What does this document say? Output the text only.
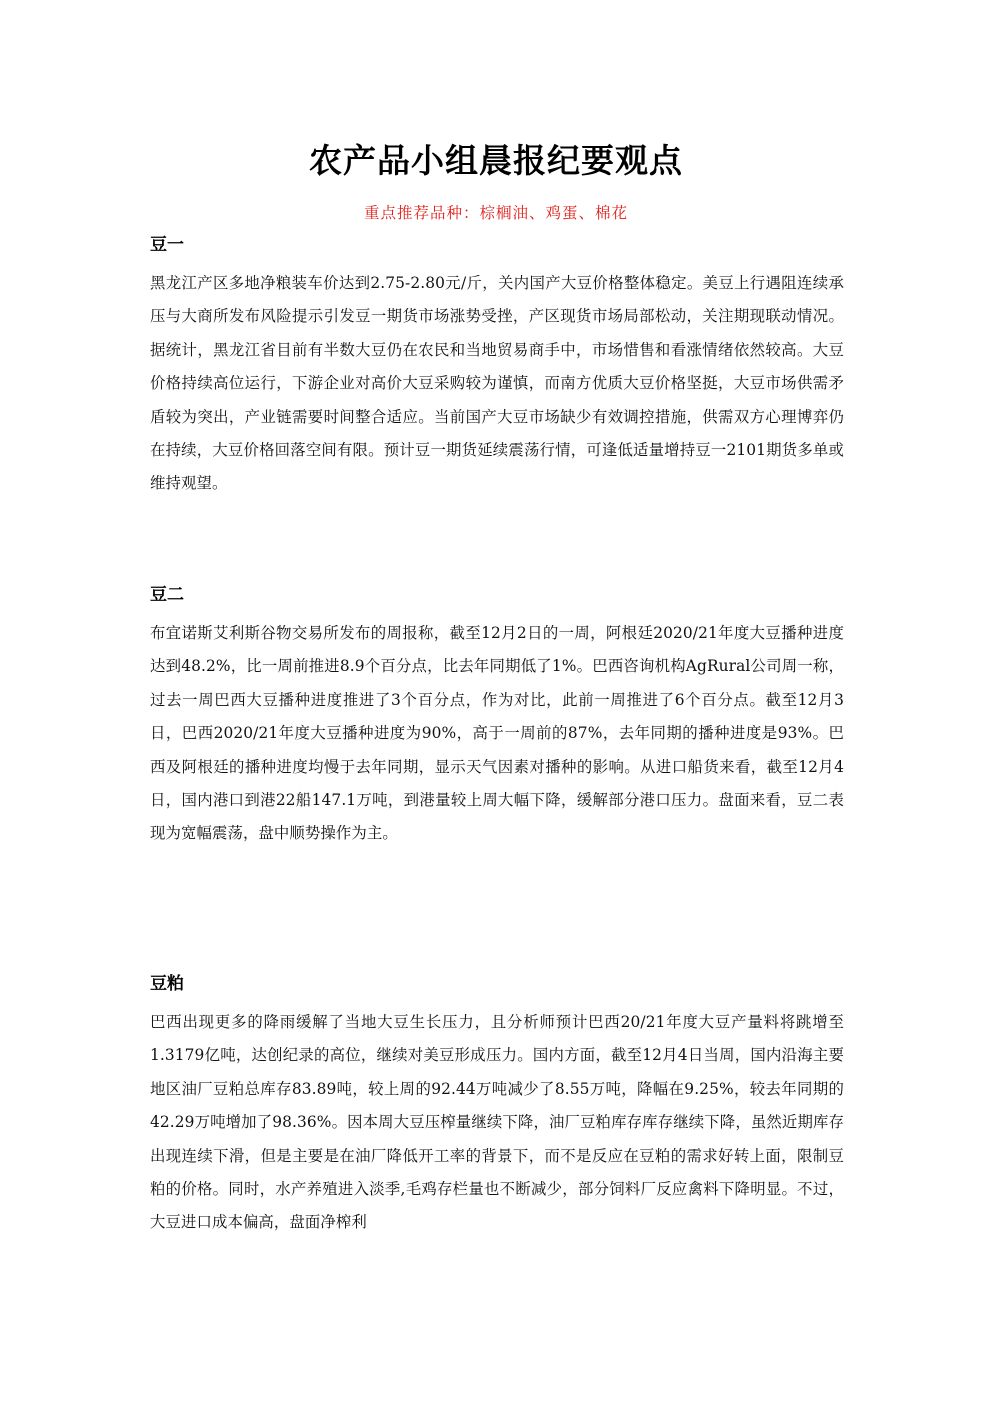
农产品小组晨报纪要观点
重点推荐品种：棕榈油、鸡蛋、棉花
豆一

黑龙江产区多地净粮装车价达到2.75-2.80元/斤，关内国产大豆价格整体稳定。美豆上行遇阻连续承压与大商所发布风险提示引发豆一期货市场涨势受挫，产区现货市场局部松动，关注期现联动情况。据统计，黑龙江省目前有半数大豆仍在农民和当地贸易商手中，市场惜售和看涨情绪依然较高。大豆价格持续高位运行，下游企业对高价大豆采购较为谨慎，而南方优质大豆价格坚挺，大豆市场供需矛盾较为突出，产业链需要时间整合适应。当前国产大豆市场缺少有效调控措施，供需双方心理博弈仍在持续，大豆价格回落空间有限。预计豆一期货延续震荡行情，可逢低适量增持豆一2101期货多单或维持观望。

豆二

布宜诺斯艾利斯谷物交易所发布的周报称，截至12月2日的一周，阿根廷2020/21年度大豆播种进度达到48.2%，比一周前推进8.9个百分点，比去年同期低了1%。巴西咨询机构AgRural公司周一称，过去一周巴西大豆播种进度推进了3个百分点，作为对比，此前一周推进了6个百分点。截至12月3日，巴西2020/21年度大豆播种进度为90%，高于一周前的87%，去年同期的播种进度是93%。巴西及阿根廷的播种进度均慢于去年同期，显示天气因素对播种的影响。从进口船货来看，截至12月4日，国内港口到港22船147.1万吨，到港量较上周大幅下降，缓解部分港口压力。盘面来看，豆二表现为宽幅震荡，盘中顺势操作为主。

豆粕

巴西出现更多的降雨缓解了当地大豆生长压力，且分析师预计巴西20/21年度大豆产量料将跳增至1.3179亿吨，达创纪录的高位，继续对美豆形成压力。国内方面，截至12月4日当周，国内沿海主要地区油厂豆粕总库存83.89吨，较上周的92.44万吨减少了8.55万吨，降幅在9.25%，较去年同期的42.29万吨增加了98.36%。因本周大豆压榨量继续下降，油厂豆粕库存库存继续下降，虽然近期库存出现连续下滑，但是主要是在油厂降低开工率的背景下，而不是反应在豆粕的需求好转上面，限制豆粕的价格。同时，水产养殖进入淡季,毛鸡存栏量也不断减少，部分饲料厂反应禽料下降明显。不过，大豆进口成本偏高，盘面净榨利
